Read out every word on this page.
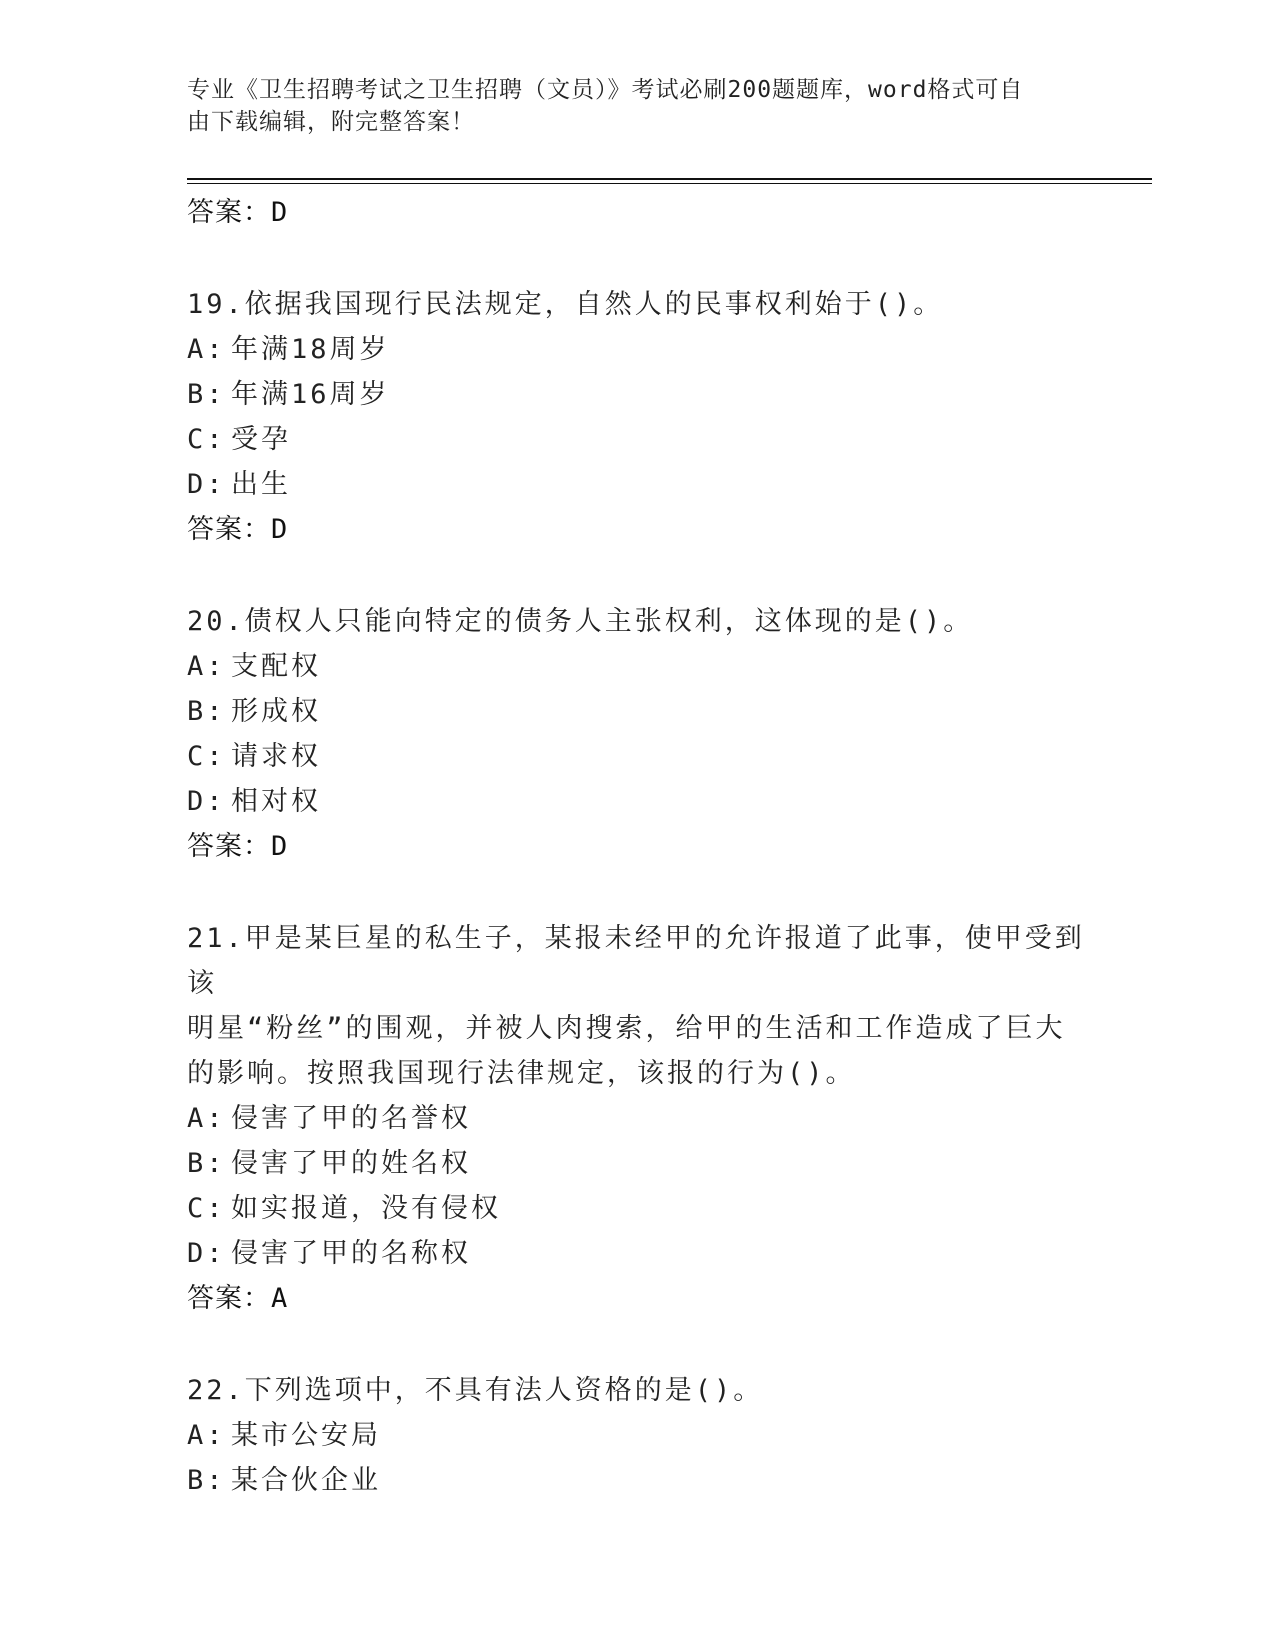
专业《卫生招聘考试之卫生招聘（文员）》考试必刷200题题库，word格式可自
由下载编辑，附完整答案！
答案：D
19.依据我国现行民法规定，自然人的民事权利始于()。
A: 年满18周岁
B: 年满16周岁
C: 受孕
D: 出生
答案：D
20.债权人只能向特定的债务人主张权利，这体现的是()。
A: 支配权
B: 形成权
C: 请求权
D: 相对权
答案：D
21.甲是某巨星的私生子，某报未经甲的允许报道了此事，使甲受到该
明星“粉丝”的围观，并被人肉搜索，给甲的生活和工作造成了巨大
的影响。按照我国现行法律规定，该报的行为()。
A: 侵害了甲的名誉权
B: 侵害了甲的姓名权
C: 如实报道，没有侵权
D: 侵害了甲的名称权
答案：A
22.下列选项中，不具有法人资格的是()。
A: 某市公安局
B: 某合伙企业
